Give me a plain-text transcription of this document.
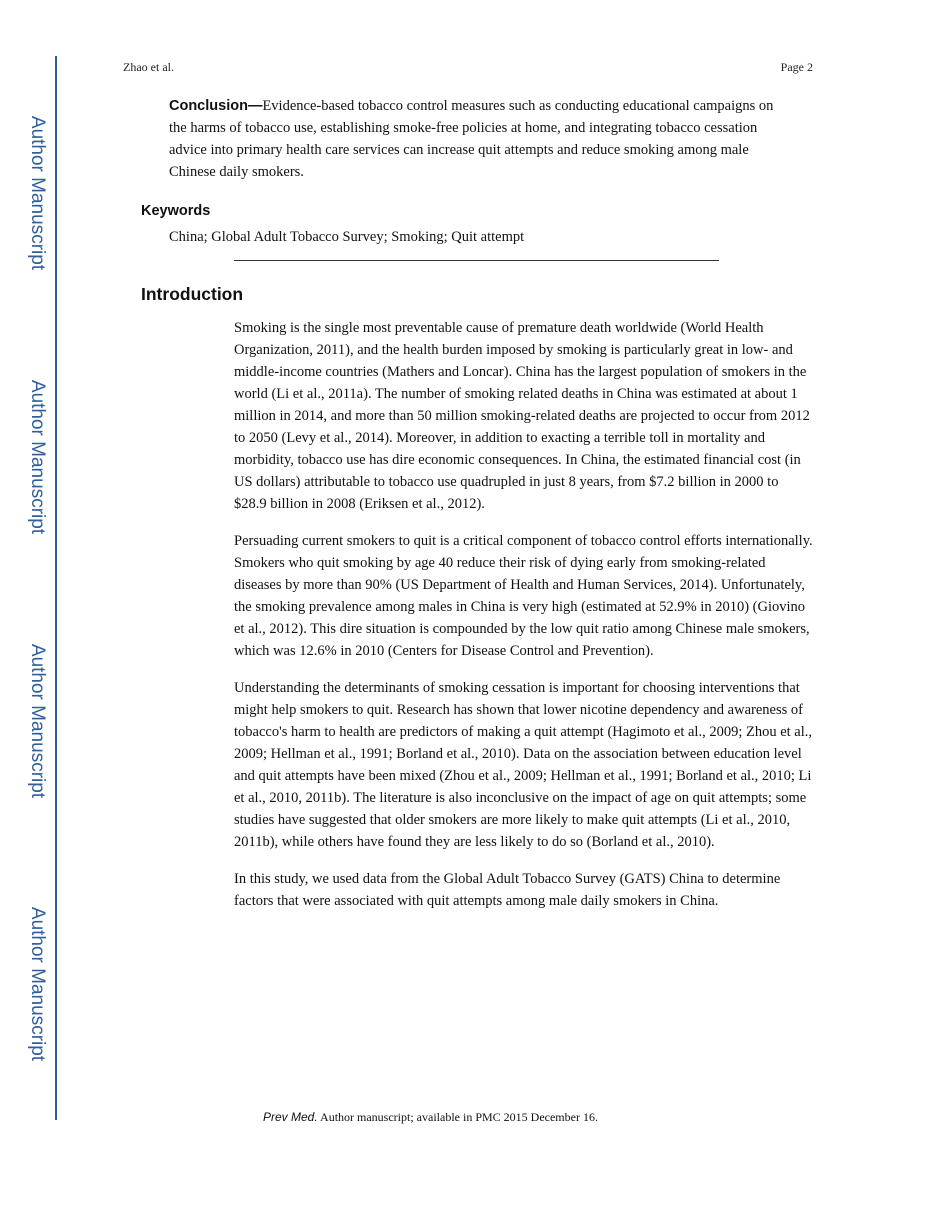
Author Manuscript
Author Manuscript
Author Manuscript
Author Manuscript
Zhao et al.	Page 2

Conclusion—Evidence-based tobacco control measures such as conducting educational campaigns on the harms of tobacco use, establishing smoke-free policies at home, and integrating tobacco cessation advice into primary health care services can increase quit attempts and reduce smoking among male Chinese daily smokers.

Keywords
China; Global Adult Tobacco Survey; Smoking; Quit attempt
Introduction

Smoking is the single most preventable cause of premature death worldwide (World Health Organization, 2011), and the health burden imposed by smoking is particularly great in low- and middle-income countries (Mathers and Loncar). China has the largest population of smokers in the world (Li et al., 2011a). The number of smoking related deaths in China was estimated at about 1 million in 2014, and more than 50 million smoking-related deaths are projected to occur from 2012 to 2050 (Levy et al., 2014). Moreover, in addition to exacting a terrible toll in mortality and morbidity, tobacco use has dire economic consequences. In China, the estimated financial cost (in US dollars) attributable to tobacco use quadrupled in just 8 years, from $7.2 billion in 2000 to $28.9 billion in 2008 (Eriksen et al., 2012).

Persuading current smokers to quit is a critical component of tobacco control efforts internationally. Smokers who quit smoking by age 40 reduce their risk of dying early from smoking-related diseases by more than 90% (US Department of Health and Human Services, 2014). Unfortunately, the smoking prevalence among males in China is very high (estimated at 52.9% in 2010) (Giovino et al., 2012). This dire situation is compounded by the low quit ratio among Chinese male smokers, which was 12.6% in 2010 (Centers for Disease Control and Prevention).

Understanding the determinants of smoking cessation is important for choosing interventions that might help smokers to quit. Research has shown that lower nicotine dependency and awareness of tobacco's harm to health are predictors of making a quit attempt (Hagimoto et al., 2009; Zhou et al., 2009; Hellman et al., 1991; Borland et al., 2010). Data on the association between education level and quit attempts have been mixed (Zhou et al., 2009; Hellman et al., 1991; Borland et al., 2010; Li et al., 2010, 2011b). The literature is also inconclusive on the impact of age on quit attempts; some studies have suggested that older smokers are more likely to make quit attempts (Li et al., 2010, 2011b), while others have found they are less likely to do so (Borland et al., 2010).

In this study, we used data from the Global Adult Tobacco Survey (GATS) China to determine factors that were associated with quit attempts among male daily smokers in China.

Prev Med. Author manuscript; available in PMC 2015 December 16.
